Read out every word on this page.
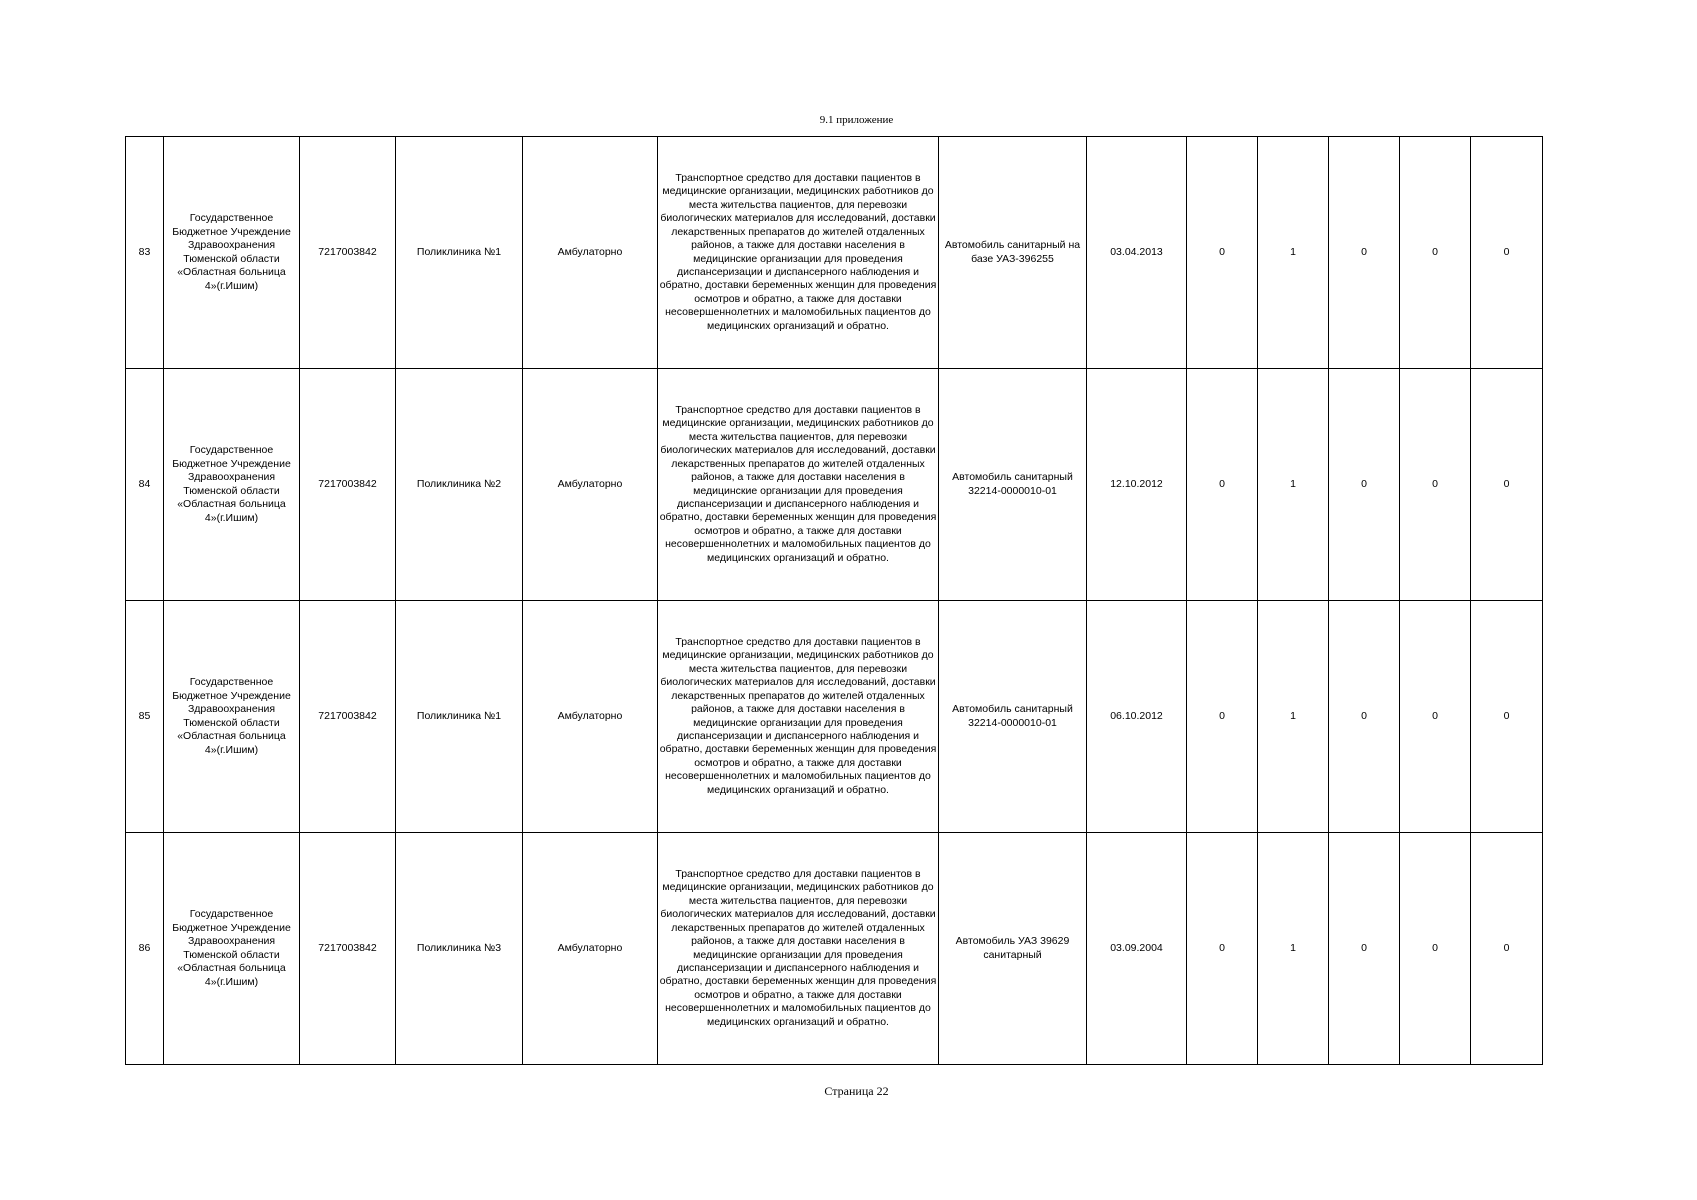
9.1 приложение
83	Государственное Бюджетное Учреждение Здравоохранения Тюменской области «Областная больница 4»(г.Ишим)	7217003842	Поликлиника №1	Амбулаторно	Транспортное средство для доставки пациентов в медицинские организации, медицинских работников до места жительства пациентов, для перевозки биологических материалов для исследований, доставки лекарственных препаратов до жителей отдаленных районов, а также для доставки населения в медицинские организации для проведения диспансеризации и диспансерного наблюдения и обратно, доставки беременных женщин для проведения осмотров и обратно, а также для доставки несовершеннолетних и маломобильных пациентов до медицинских организаций и обратно.	Автомобиль санитарный на базе УАЗ-396255	03.04.2013	0	1	0	0	0
84	Государственное Бюджетное Учреждение Здравоохранения Тюменской области «Областная больница 4»(г.Ишим)	7217003842	Поликлиника №2	Амбулаторно	Транспортное средство для доставки пациентов в медицинские организации, медицинских работников до места жительства пациентов, для перевозки биологических материалов для исследований, доставки лекарственных препаратов до жителей отдаленных районов, а также для доставки населения в медицинские организации для проведения диспансеризации и диспансерного наблюдения и обратно, доставки беременных женщин для проведения осмотров и обратно, а также для доставки несовершеннолетних и маломобильных пациентов до медицинских организаций и обратно.	Автомобиль санитарный 32214-0000010-01	12.10.2012	0	1	0	0	0
85	Государственное Бюджетное Учреждение Здравоохранения Тюменской области «Областная больница 4»(г.Ишим)	7217003842	Поликлиника №1	Амбулаторно	Транспортное средство для доставки пациентов в медицинские организации, медицинских работников до места жительства пациентов, для перевозки биологических материалов для исследований, доставки лекарственных препаратов до жителей отдаленных районов, а также для доставки населения в медицинские организации для проведения диспансеризации и диспансерного наблюдения и обратно, доставки беременных женщин для проведения осмотров и обратно, а также для доставки несовершеннолетних и маломобильных пациентов до медицинских организаций и обратно.	Автомобиль санитарный 32214-0000010-01	06.10.2012	0	1	0	0	0
86	Государственное Бюджетное Учреждение Здравоохранения Тюменской области «Областная больница 4»(г.Ишим)	7217003842	Поликлиника №3	Амбулаторно	Транспортное средство для доставки пациентов в медицинские организации, медицинских работников до места жительства пациентов, для перевозки биологических материалов для исследований, доставки лекарственных препаратов до жителей отдаленных районов, а также для доставки населения в медицинские организации для проведения диспансеризации и диспансерного наблюдения и обратно, доставки беременных женщин для проведения осмотров и обратно, а также для доставки несовершеннолетних и маломобильных пациентов до медицинских организаций и обратно.	Автомобиль УАЗ 39629 санитарный	03.09.2004	0	1	0	0	0
Страница 22
